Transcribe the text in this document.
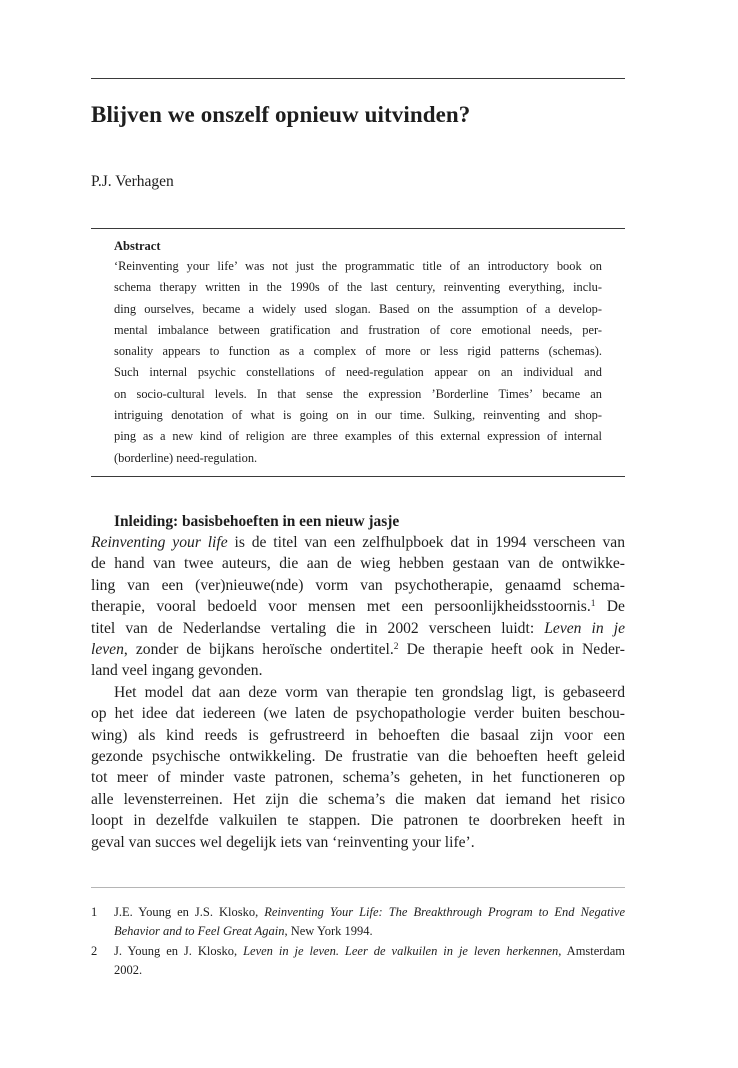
Blijven we onszelf opnieuw uitvinden?
P.J. Verhagen
Abstract
‘Reinventing your life’ was not just the programmatic title of an introductory book on
schema therapy written in the 1990s of the last century, reinventing everything, inclu-
ding ourselves, became a widely used slogan. Based on the assumption of a develop-
mental imbalance between gratification and frustration of core emotional needs, per-
sonality appears to function as a complex of more or less rigid patterns (schemas).
Such internal psychic constellations of need-regulation appear on an individual and
on socio-cultural levels. In that sense the expression ’Borderline Times’ became an
intriguing denotation of what is going on in our time. Sulking, reinventing and shop-
ping as a new kind of religion are three examples of this external expression of internal
(borderline) need-regulation.
Inleiding: basisbehoeften in een nieuw jasje
Reinventing your life is de titel van een zelfhulpboek dat in 1994 verscheen van
de hand van twee auteurs, die aan de wieg hebben gestaan van de ontwikke-
ling van een (ver)nieuwe(nde) vorm van psychotherapie, genaamd schema-
therapie, vooral bedoeld voor mensen met een persoonlijkheidsstoornis.$^1$ De
titel van de Nederlandse vertaling die in 2002 verscheen luidt: Leven in je
leven, zonder de bijkans heroïsche ondertitel.$^2$ De therapie heeft ook in Neder-
land veel ingang gevonden.
Het model dat aan deze vorm van therapie ten grondslag ligt, is gebaseerd
op het idee dat iedereen (we laten de psychopathologie verder buiten beschou-
wing) als kind reeds is gefrustreerd in behoeften die basaal zijn voor een
gezonde psychische ontwikkeling. De frustratie van die behoeften heeft geleid
tot meer of minder vaste patronen, schema’s geheten, in het functioneren op
alle levensterreinen. Het zijn die schema’s die maken dat iemand het risico
loopt in dezelfde valkuilen te stappen. Die patronen te doorbreken heeft in
geval van succes wel degelijk iets van ‘reinventing your life’.
1 J.E. Young en J.S. Klosko, Reinventing Your Life: The Breakthrough Program to End Negative
Behavior and to Feel Great Again, New York 1994.
2 J. Young en J. Klosko, Leven in je leven. Leer de valkuilen in je leven herkennen, Amsterdam
2002.
